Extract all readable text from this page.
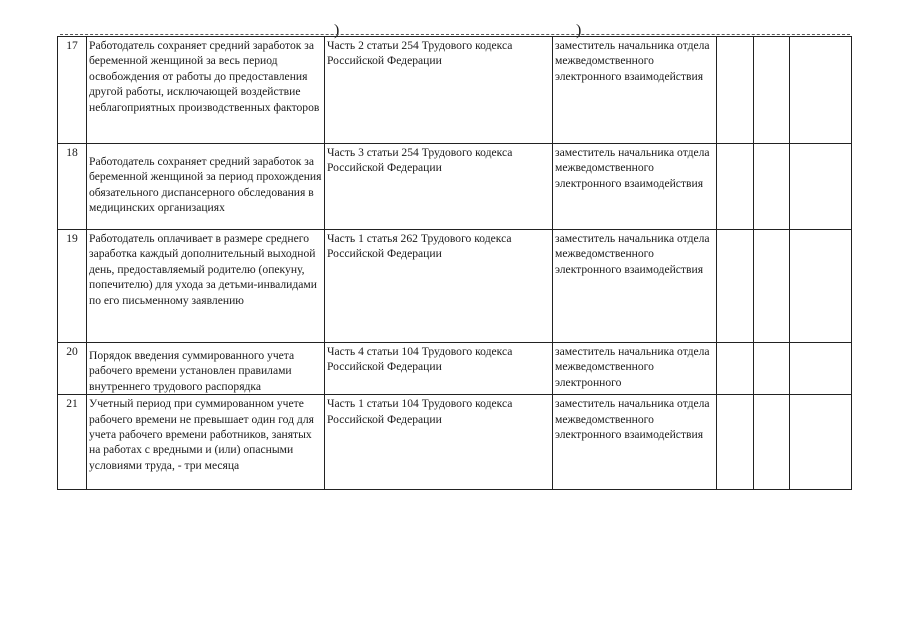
)	)
17	Работодатель сохраняет средний заработок за беременной женщиной за весь период освобождения от работы до предоставления другой работы, исключающей воздействие неблагоприятных производственных факторов	Часть 2 статьи 254 Трудового кодекса Российской Федерации	заместитель начальника отдела межведомственного электронного взаимодействия			
18	Работодатель сохраняет средний заработок за беременной женщиной за период прохождения обязательного диспансерного обследования в медицинских организациях	Часть 3 статьи 254 Трудового кодекса Российской Федерации	заместитель начальника отдела межведомственного электронного взаимодействия			
19	Работодатель оплачивает в размере среднего заработка каждый дополнительный выходной день, предоставляемый родителю (опекуну, попечителю) для ухода за детьми-инвалидами по его письменному заявлению	Часть 1 статья 262 Трудового кодекса Российской Федерации	заместитель начальника отдела межведомственного электронного взаимодействия			
20	Порядок введения суммированного учета рабочего времени установлен правилами внутреннего трудового распорядка	Часть 4 статьи 104 Трудового кодекса Российской Федерации	заместитель начальника отдела межведомственного электронного			
21	Учетный период при суммированном учете рабочего времени не превышает один год для учета рабочего времени работников, занятых на работах с вредными и (или) опасными условиями труда, - три месяца	Часть 1 статьи 104 Трудового кодекса Российской Федерации	заместитель начальника отдела межведомственного электронного взаимодействия			
